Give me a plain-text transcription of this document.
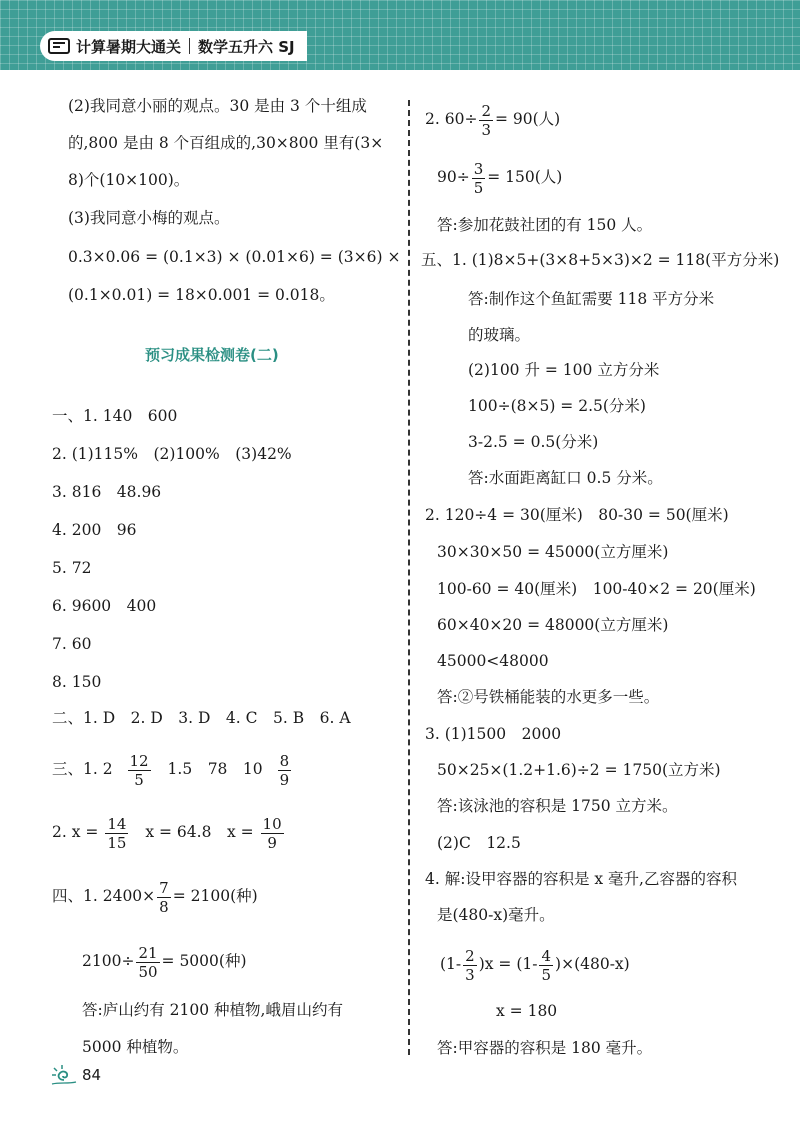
计算暑期大通关 数学五升六 SJ
(2)我同意小丽的观点。30 是由 3 个十组成
的,800 是由 8 个百组成的,30×800 里有(3×
8)个(10×100)。
(3)我同意小梅的观点。
0.3×0.06 = (0.1×3) × (0.01×6) = (3×6) ×
(0.1×0.01) = 18×0.001 = 0.018。
预习成果检测卷(二)
一、1. 140　600
2. (1)115%　(2)100%　(3)42%
3. 816　48.96
4. 200　96
5. 72
6. 9600　400
7. 60
8. 150
二、1. D　2. D　3. D　4. C　5. B　6. A
三、1. $2 \frac{12}{5} 1.5$　78　$10 \frac{8}{9}$
2. $x = \frac{14}{15}$ x = 64.8　$x = \frac{10}{9}$
四、1. $2400\times \frac{7}{8} = 2100$(种)
$2100\div \frac{21}{50} = 5000$(种)
答:庐山约有 2100 种植物,峨眉山约有
5000 种植物。
2. $60\div \frac{2}{3} = 90$(人)
$90\div \frac{3}{5} = 150$(人)
答:参加花鼓社团的有 150 人。
五、1. (1)8×5+(3×8+5×3)×2 = 118(平方分米)
答:制作这个鱼缸需要 118 平方分米
的玻璃。
(2)100 升 = 100 立方分米
100÷(8×5) = 2.5(分米)
3-2.5 = 0.5(分米)
答:水面距离缸口 0.5 分米。
2. 120÷4 = 30(厘米)　80-30 = 50(厘米)
30×30×50 = 45000(立方厘米)
100-60 = 40(厘米)　100-40×2 = 20(厘米)
60×40×20 = 48000(立方厘米)
45000<48000
答:②号铁桶能装的水更多一些。
3. (1)1500　2000
50×25×(1.2+1.6)÷2 = 1750(立方米)
答:该泳池的容积是 1750 立方米。
(2)C　12.5
4. 解:设甲容器的容积是 x 毫升,乙容器的容积
是(480-x)毫升。
$(1- \frac{2}{3} )x = (1- \frac{4}{5} )\times(480-x)$
x = 180
答:甲容器的容积是 180 毫升。
84
